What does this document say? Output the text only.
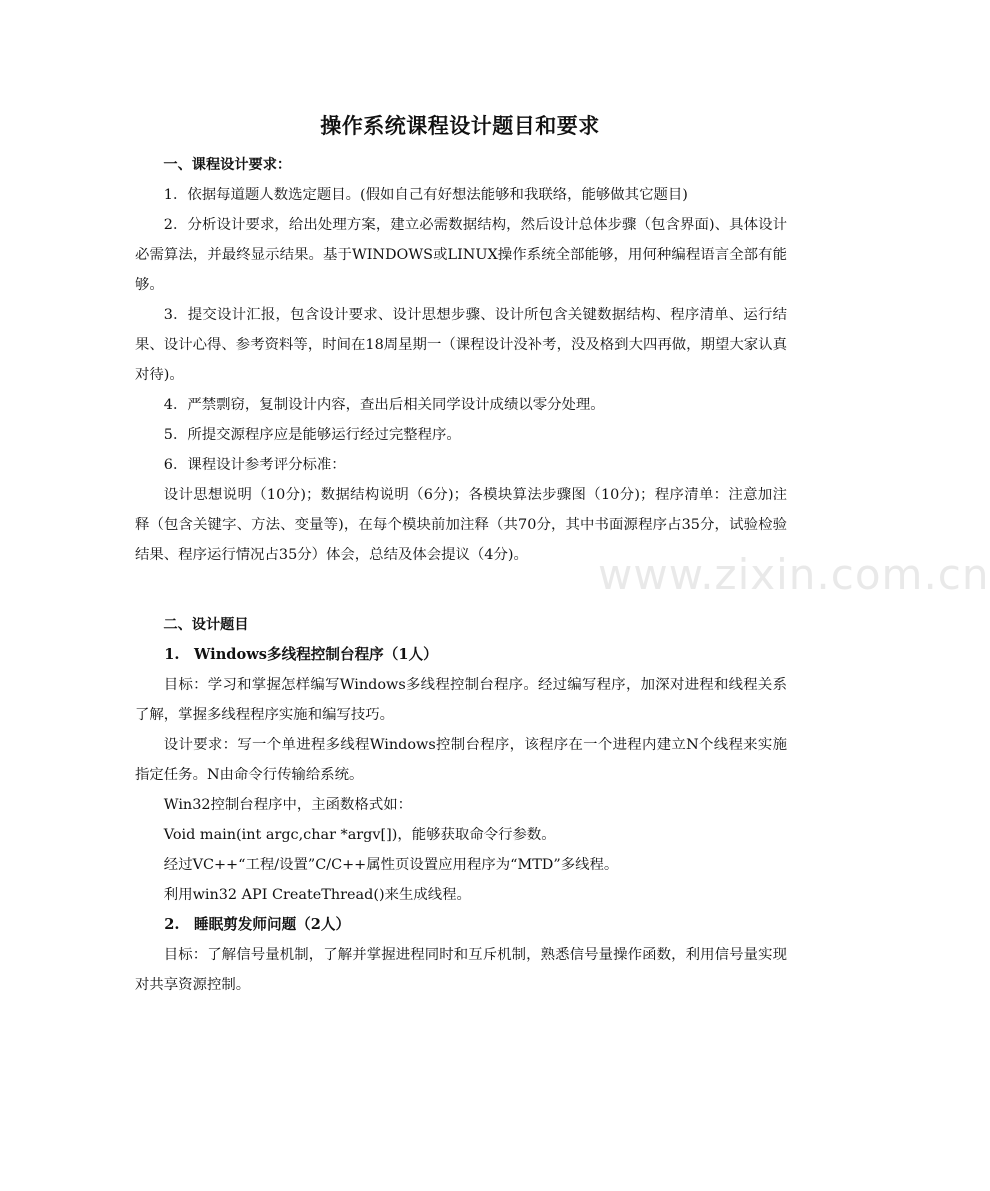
www.zixin.com.cn
操作系统课程设计题目和要求

一、课程设计要求：

1．依据每道题人数选定题目。(假如自己有好想法能够和我联络，能够做其它题目)

2．分析设计要求，给出处理方案，建立必需数据结构，然后设计总体步骤（包含界面)、具体设计必需算法，并最终显示结果。基于WINDOWS或LINUX操作系统全部能够，用何种编程语言全部有能够。

3．提交设计汇报，包含设计要求、设计思想步骤、设计所包含关键数据结构、程序清单、运行结果、设计心得、参考资料等，时间在18周星期一（课程设计没补考，没及格到大四再做，期望大家认真对待)。

4．严禁剽窃，复制设计内容，查出后相关同学设计成绩以零分处理。

5．所提交源程序应是能够运行经过完整程序。

6．课程设计参考评分标准：

设计思想说明（10分)；数据结构说明（6分)；各模块算法步骤图（10分)；程序清单：注意加注释（包含关键字、方法、变量等)，在每个模块前加注释（共70分，其中书面源程序占35分，试验检验结果、程序运行情况占35分）体会，总结及体会提议（4分)。

二、设计题目

1.　Windows多线程控制台程序（1人）

目标：学习和掌握怎样编写Windows多线程控制台程序。经过编写程序，加深对进程和线程关系了解，掌握多线程程序实施和编写技巧。

设计要求：写一个单进程多线程Windows控制台程序，该程序在一个进程内建立N个线程来实施指定任务。N由命令行传输给系统。

Win32控制台程序中，主函数格式如：

Void main(int argc,char *argv[])，能够获取命令行参数。

经过VC++“工程/设置”C/C++属性页设置应用程序为“MTD”多线程。

利用win32 API CreateThread()来生成线程。

2.　睡眠剪发师问题（2人）

目标：了解信号量机制，了解并掌握进程同时和互斥机制，熟悉信号量操作函数，利用信号量实现对共享资源控制。
